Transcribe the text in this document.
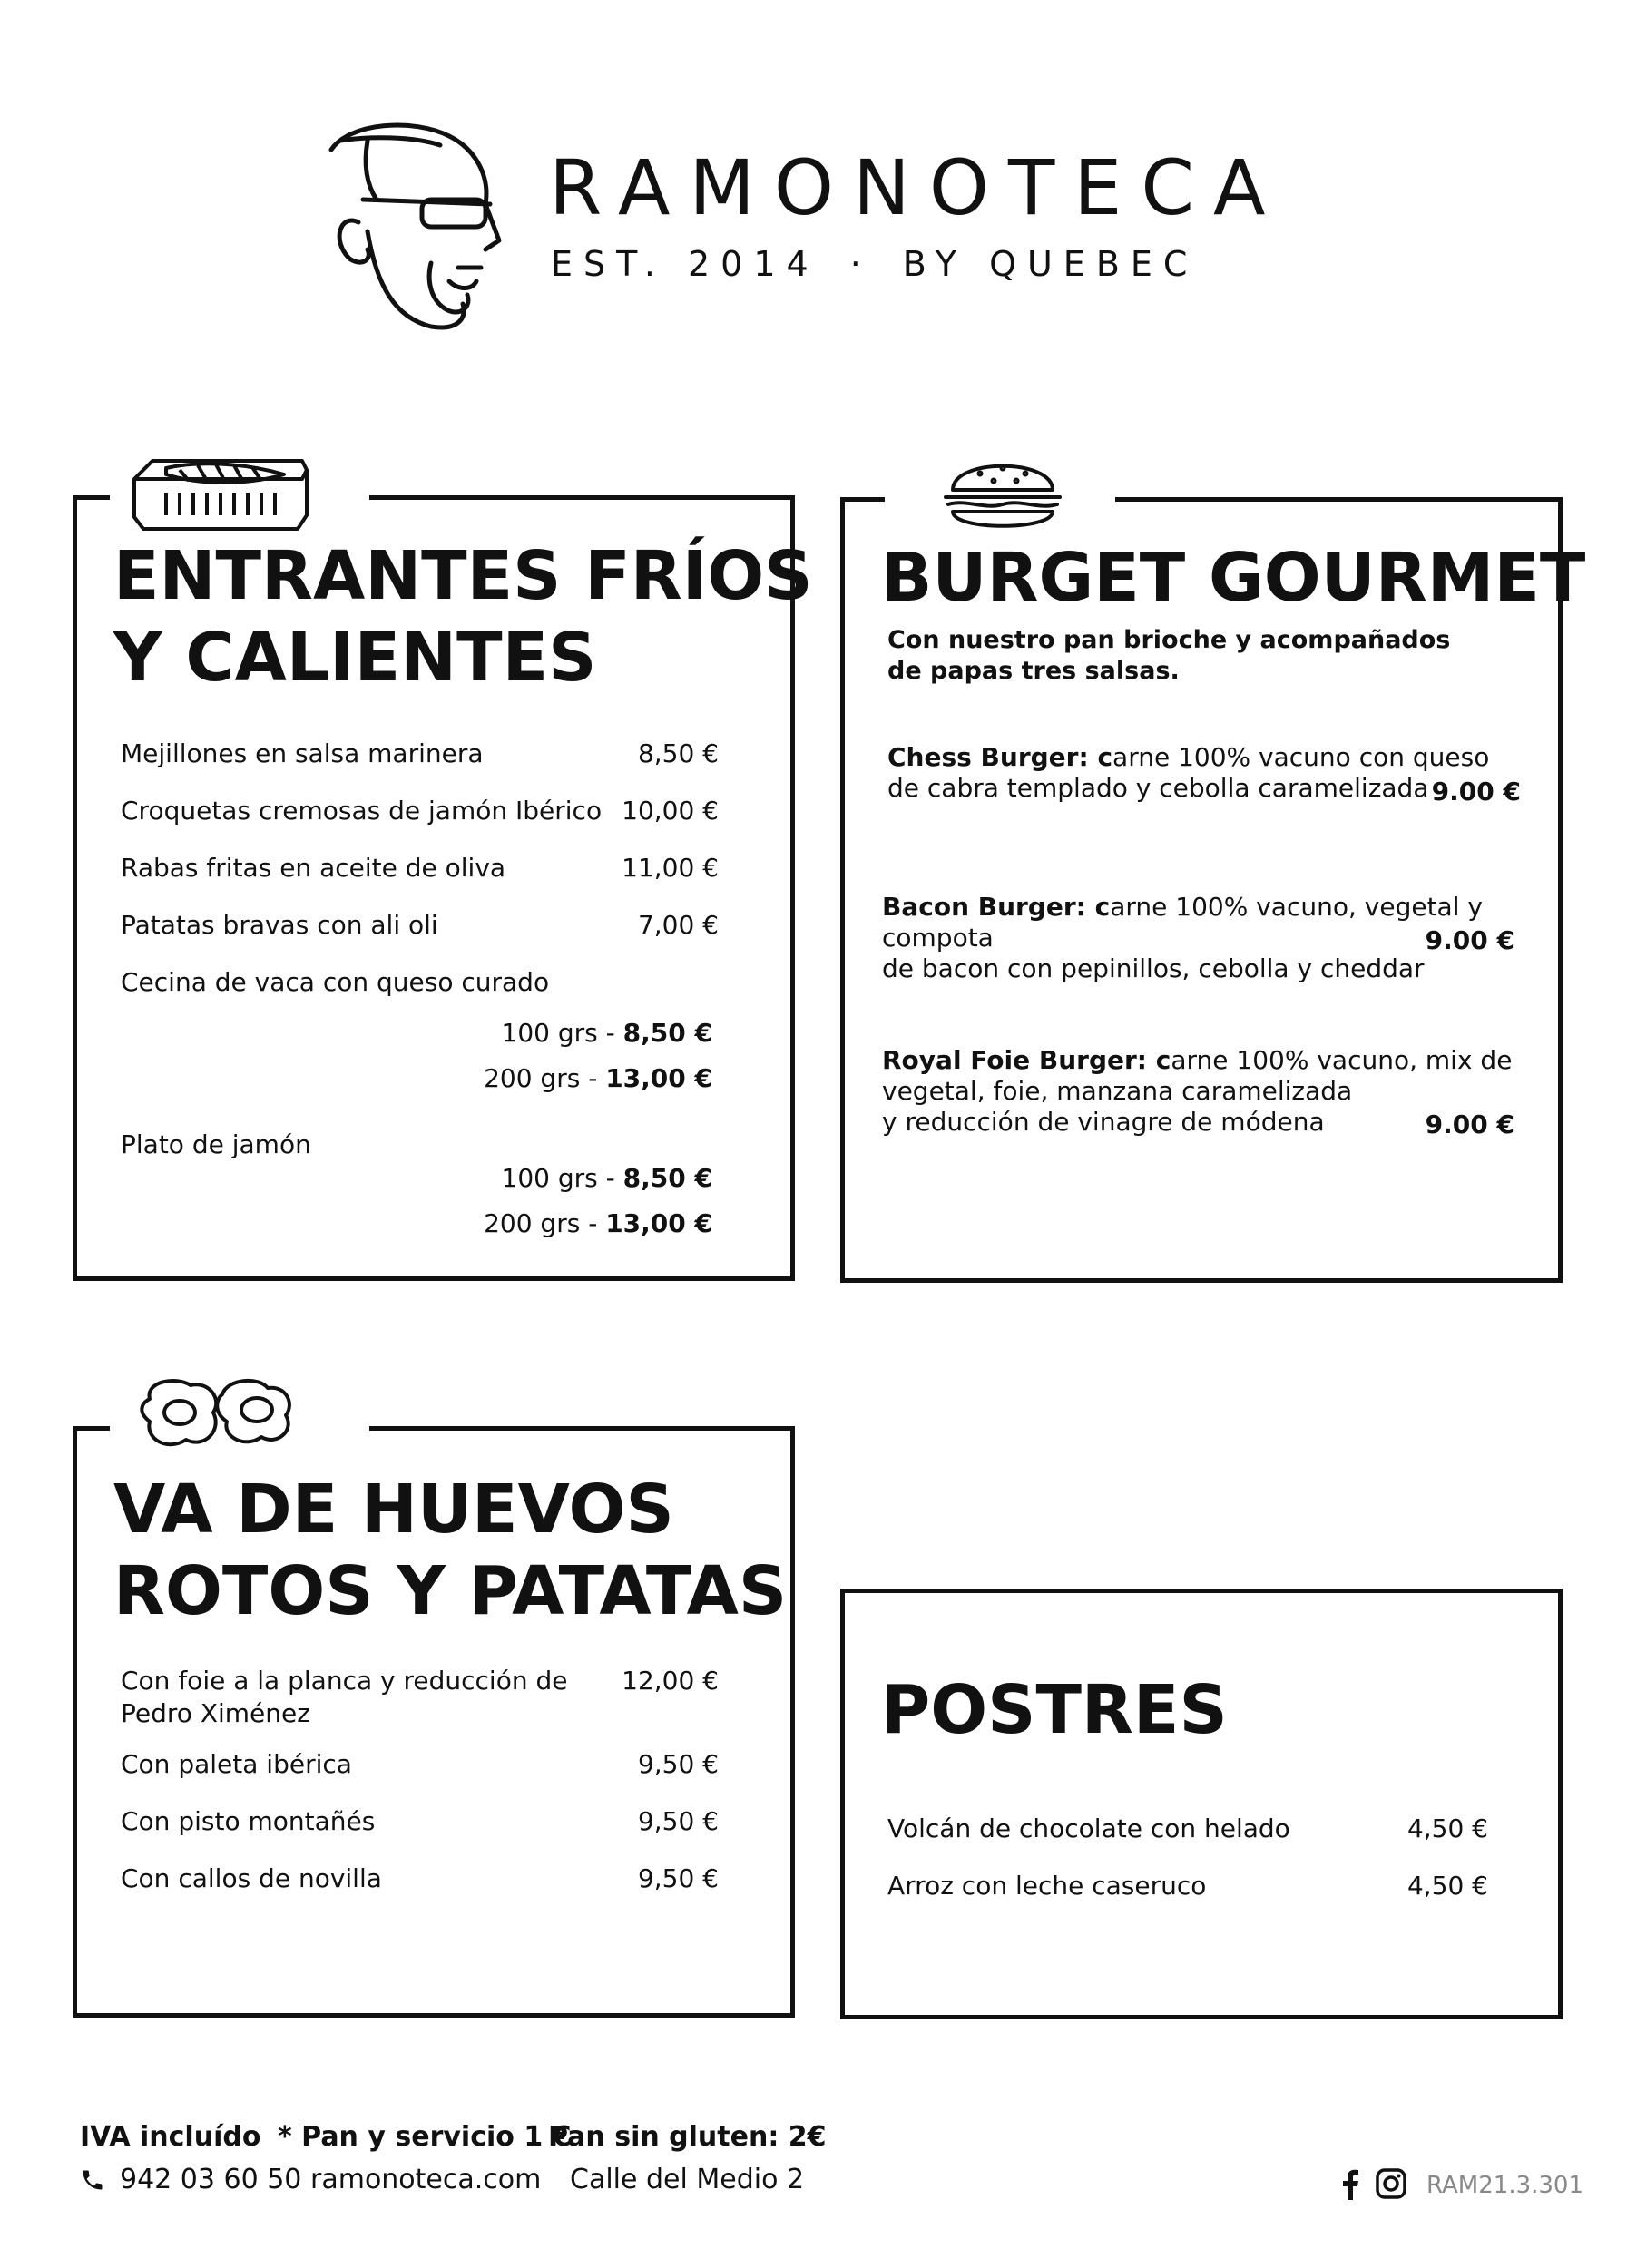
RAMONOTECA
EST. 2014 · BY QUEBEC
ENTRANTES FRÍOS
Y CALIENTES
Mejillones en salsa marinera	8,50 €
Croquetas cremosas de jamón Ibérico 10,00 €
Rabas fritas en aceite de oliva	11,00 €
Patatas bravas con ali oli	7,00 €
Cecina de vaca con queso curado
100 grs - 8,50 €
200 grs - 13,00 €
Plato de jamón
100 grs - 8,50 €
200 grs - 13,00 €
BURGET GOURMET
Con nuestro pan brioche y acompañados
de papas tres salsas.
Chess Burger: carne 100% vacuno con queso
de cabra templado y cebolla caramelizada 9.00 €
Bacon Burger: carne 100% vacuno, vegetal y compota
de bacon con pepinillos, cebolla y cheddar
9.00 €
Royal Foie Burger: carne 100% vacuno, mix de
vegetal, foie, manzana caramelizada
y reducción de vinagre de módena	9.00 €
VA DE HUEVOS
ROTOS Y PATATAS
Con foie a la planca y reducción de
Pedro Ximénez
12,00 €
Con paleta ibérica	9,50 €
Con pisto montañés	9,50 €
Con callos de novilla	9,50 €
POSTRES
Volcán de chocolate con helado	4,50 €
Arroz con leche caseruco	4,50 €
IVA incluído * Pan y servicio 1 €
Pan sin gluten: 2€
942 03 60 50 ramonoteca.com Calle del Medio 2	RAM21.3.301
